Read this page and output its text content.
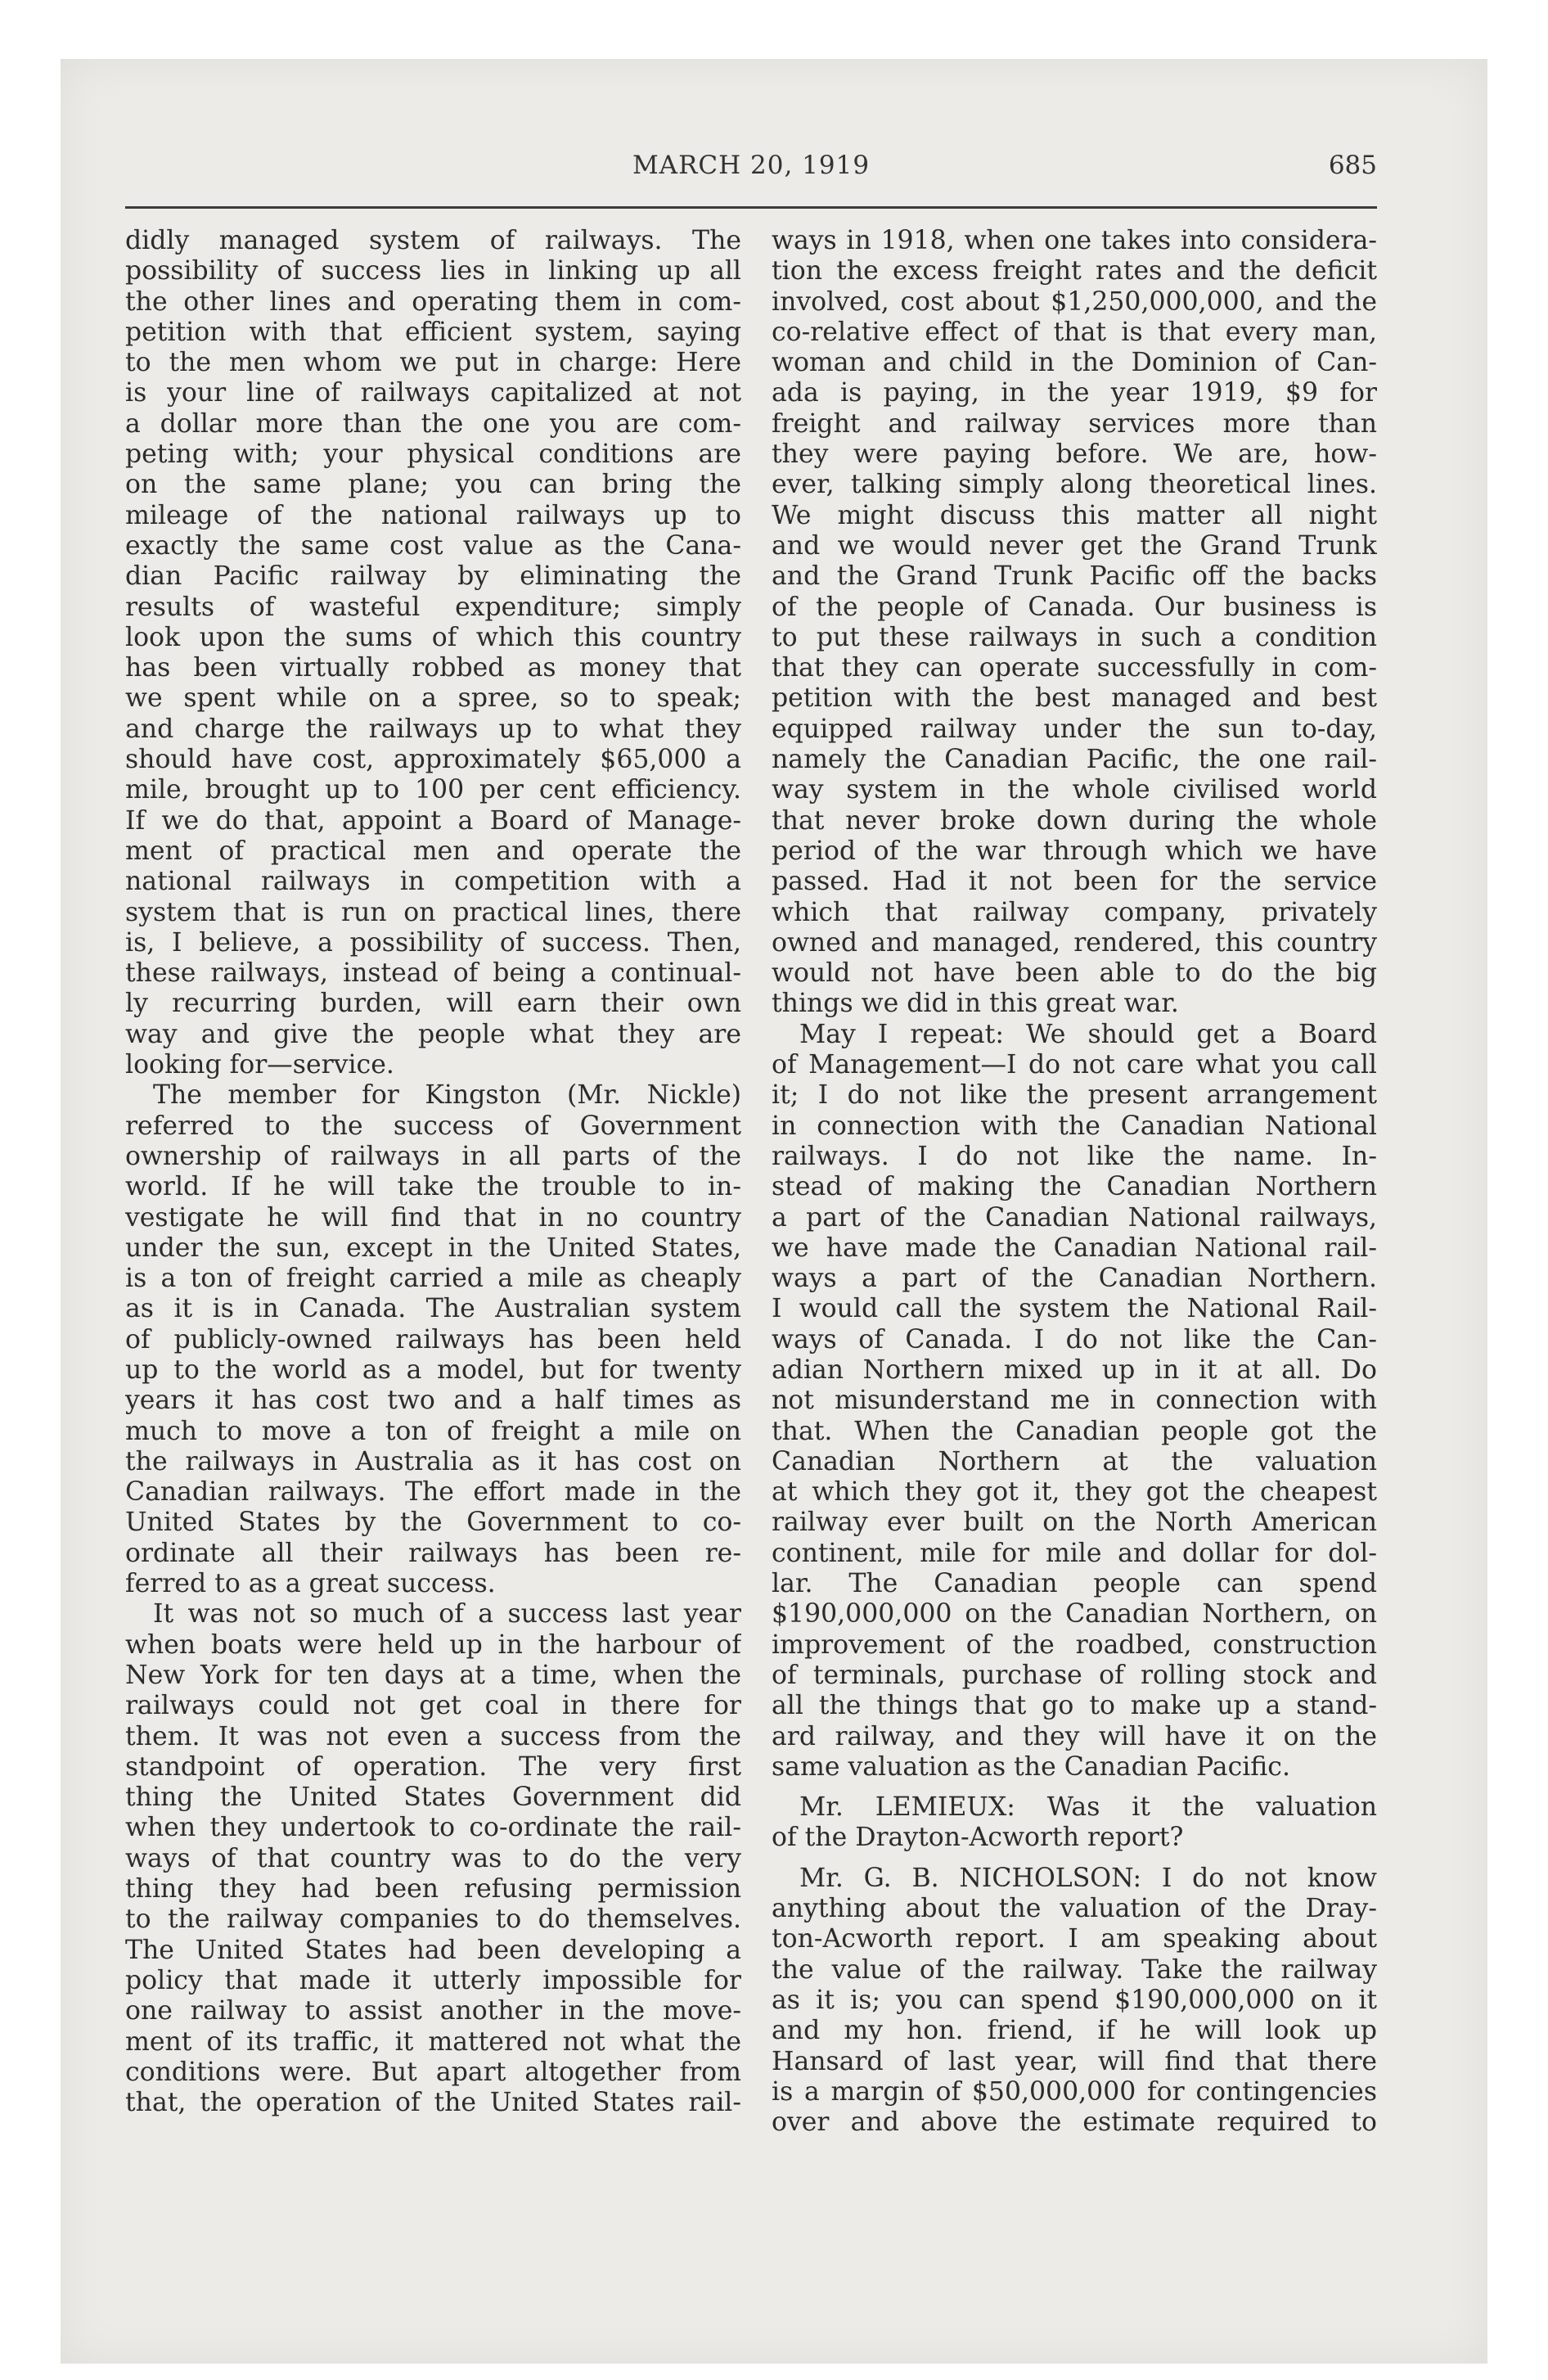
MARCH 20, 1919	685
didly managed system of railways. The
possibility of success lies in linking up all
the other lines and operating them in com-
petition with that efficient system, saying
to the men whom we put in charge: Here
is your line of railways capitalized at not
a dollar more than the one you are com-
peting with; your physical conditions are
on the same plane; you can bring the
mileage of the national railways up to
exactly the same cost value as the Cana-
dian Pacific railway by eliminating the
results of wasteful expenditure; simply
look upon the sums of which this country
has been virtually robbed as money that
we spent while on a spree, so to speak;
and charge the railways up to what they
should have cost, approximately $65,000 a
mile, brought up to 100 per cent efficiency.
If we do that, appoint a Board of Manage-
ment of practical men and operate the
national railways in competition with a
system that is run on practical lines, there
is, I believe, a possibility of success. Then,
these railways, instead of being a continual-
ly recurring burden, will earn their own
way and give the people what they are
looking for—service.
The member for Kingston (Mr. Nickle)
referred to the success of Government
ownership of railways in all parts of the
world. If he will take the trouble to in-
vestigate he will find that in no country
under the sun, except in the United States,
is a ton of freight carried a mile as cheaply
as it is in Canada. The Australian system
of publicly-owned railways has been held
up to the world as a model, but for twenty
years it has cost two and a half times as
much to move a ton of freight a mile on
the railways in Australia as it has cost on
Canadian railways. The effort made in the
United States by the Government to co-
ordinate all their railways has been re-
ferred to as a great success.
It was not so much of a success last year
when boats were held up in the harbour of
New York for ten days at a time, when the
railways could not get coal in there for
them. It was not even a success from the
standpoint of operation. The very first
thing the United States Government did
when they undertook to co-ordinate the rail-
ways of that country was to do the very
thing they had been refusing permission
to the railway companies to do themselves.
The United States had been developing a
policy that made it utterly impossible for
one railway to assist another in the move-
ment of its traffic, it mattered not what the
conditions were. But apart altogether from
that, the operation of the United States rail-
ways in 1918, when one takes into considera-
tion the excess freight rates and the deficit
involved, cost about $1,250,000,000, and the
co-relative effect of that is that every man,
woman and child in the Dominion of Can-
ada is paying, in the year 1919, $9 for
freight and railway services more than
they were paying before. We are, how-
ever, talking simply along theoretical lines.
We might discuss this matter all night
and we would never get the Grand Trunk
and the Grand Trunk Pacific off the backs
of the people of Canada. Our business is
to put these railways in such a condition
that they can operate successfully in com-
petition with the best managed and best
equipped railway under the sun to-day,
namely the Canadian Pacific, the one rail-
way system in the whole civilised world
that never broke down during the whole
period of the war through which we have
passed. Had it not been for the service
which that railway company, privately
owned and managed, rendered, this country
would not have been able to do the big
things we did in this great war.
May I repeat: We should get a Board
of Management—I do not care what you call
it; I do not like the present arrangement
in connection with the Canadian National
railways. I do not like the name. In-
stead of making the Canadian Northern
a part of the Canadian National railways,
we have made the Canadian National rail-
ways a part of the Canadian Northern.
I would call the system the National Rail-
ways of Canada. I do not like the Can-
adian Northern mixed up in it at all. Do
not misunderstand me in connection with
that. When the Canadian people got the
Canadian Northern at the valuation
at which they got it, they got the cheapest
railway ever built on the North American
continent, mile for mile and dollar for dol-
lar. The Canadian people can spend
$190,000,000 on the Canadian Northern, on
improvement of the roadbed, construction
of terminals, purchase of rolling stock and
all the things that go to make up a stand-
ard railway, and they will have it on the
same valuation as the Canadian Pacific.
Mr. LEMIEUX: Was it the valuation
of the Drayton-Acworth report?
Mr. G. B. NICHOLSON: I do not know
anything about the valuation of the Dray-
ton-Acworth report. I am speaking about
the value of the railway. Take the railway
as it is; you can spend $190,000,000 on it
and my hon. friend, if he will look up
Hansard of last year, will find that there
is a margin of $50,000,000 for contingencies
over and above the estimate required to
